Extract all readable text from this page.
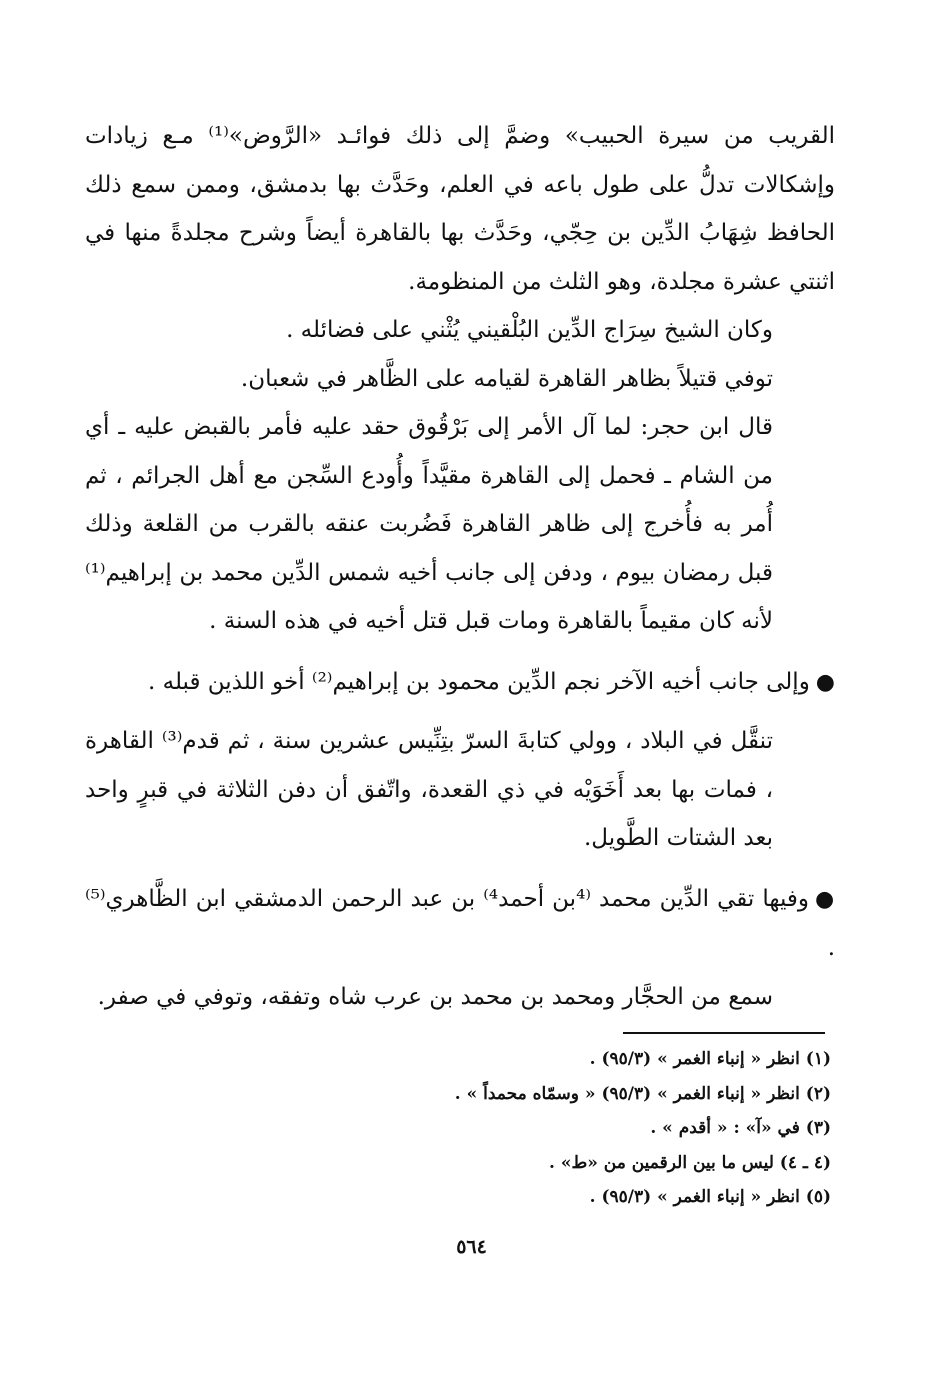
القريب من سيرة الحبيب» وضمَّ إلى ذلك فوائـد «الرَّوض»⁽¹⁾ مـع زيادات وإشكالات تدلُّ على طول باعه في العلم، وحَدَّث بها بدمشق، وممن سمع ذلك الحافظ شِهَابُ الدِّين بن حِجّي، وحَدَّث بها بالقاهرة أيضاً وشرح مجلدةً منها في اثنتي عشرة مجلدة، وهو الثلث من المنظومة.

وكان الشيخ سِرَاج الدِّين البُلْقيني يُثْني على فضائله .

توفي قتيلاً بظاهر القاهرة لقيامه على الظَّاهر في شعبان.

قال ابن حجر: لما آل الأمر إلى بَرْقُوق حقد عليه فأمر بالقبض عليه ـ أي من الشام ـ فحمل إلى القاهرة مقيَّداً وأُودع السِّجن مع أهل الجرائم ، ثم أُمر به فأُخرج إلى ظاهر القاهرة فَضُربت عنقه بالقرب من القلعة وذلك قبل رمضان بيوم ، ودفن إلى جانب أخيه شمس الدِّين محمد بن إبراهيم⁽¹⁾ لأنه كان مقيماً بالقاهرة ومات قبل قتل أخيه في هذه السنة .

●وإلى جانب أخيه الآخر نجم الدِّين محمود بن إبراهيم⁽²⁾ أخو اللذين قبله .

تنقَّل في البلاد ، وولي كتابةَ السرّ بتِنِّيس عشرين سنة ، ثم قدم⁽³⁾ القاهرة ، فمات بها بعد أَخَوَيْه في ذي القعدة، واتّفق أن دفن الثلاثة في قبرٍ واحد بعد الشتات الطَّويل.

●وفيها تقي الدِّين محمد ⁽⁴بن أحمد⁴⁾ بن عبد الرحمن الدمشقي ابن الظَّاهري⁽⁵⁾ .

سمع من الحجَّار ومحمد بن محمد بن عرب شاه وتفقه، وتوفي في صفر.

(١) انظر « إنباء الغمر » (٩٥/٣) .
(٢) انظر « إنباء الغمر » (٩٥/٣) « وسمّاه محمداً » .
(٣) في «آ» : « أقدم » .
(٤ ـ ٤) ليس ما بين الرقمين من «ط» .
(٥) انظر « إنباء الغمر » (٩٥/٣) .
٥٦٤
